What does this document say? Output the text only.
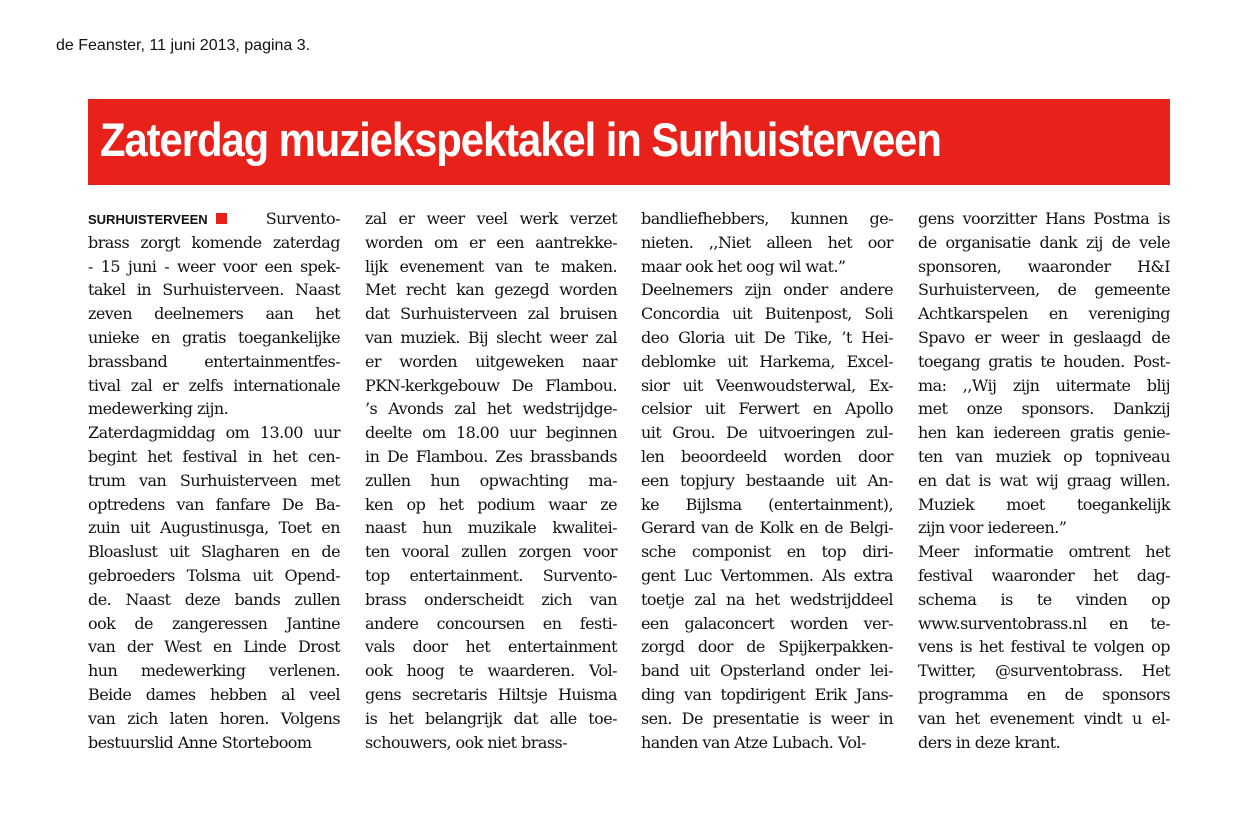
de Feanster, 11 juni 2013, pagina 3.
Zaterdag muziekspektakel in Surhuisterveen
SURHUISTERVEEN	Survento-
brass zorgt komende zaterdag
- 15 juni - weer voor een spek-
takel in Surhuisterveen. Naast
zeven deelnemers aan het
unieke en gratis toegankelijke
brassband entertainmentfes-
tival zal er zelfs internationale
medewerking zijn.
Zaterdagmiddag om 13.00 uur
begint het festival in het cen-
trum van Surhuisterveen met
optredens van fanfare De Ba-
zuin uit Augustinusga, Toet en
Bloaslust uit Slagharen en de
gebroeders Tolsma uit Opend-
de. Naast deze bands zullen
ook de zangeressen Jantine
van der West en Linde Drost
hun medewerking verlenen.
Beide dames hebben al veel
van zich laten horen. Volgens
bestuurslid Anne Storteboom
zal er weer veel werk verzet
worden om er een aantrekke-
lijk evenement van te maken.
Met recht kan gezegd worden
dat Surhuisterveen zal bruisen
van muziek. Bij slecht weer zal
er worden uitgeweken naar
PKN-kerkgebouw De Flambou.
’s Avonds zal het wedstrijdge-
deelte om 18.00 uur beginnen
in De Flambou. Zes brassbands
zullen hun opwachting ma-
ken op het podium waar ze
naast hun muzikale kwalitei-
ten vooral zullen zorgen voor
top entertainment. Survento-
brass onderscheidt zich van
andere concoursen en festi-
vals door het entertainment
ook hoog te waarderen. Vol-
gens secretaris Hiltsje Huisma
is het belangrijk dat alle toe-
schouwers, ook niet brass-
bandliefhebbers, kunnen ge-
nieten. ,,Niet alleen het oor
maar ook het oog wil wat.”
Deelnemers zijn onder andere
Concordia uit Buitenpost, Soli
deo Gloria uit De Tike, ’t Hei-
deblomke uit Harkema, Excel-
sior uit Veenwoudsterwal, Ex-
celsior uit Ferwert en Apollo
uit Grou. De uitvoeringen zul-
len beoordeeld worden door
een topjury bestaande uit An-
ke Bijlsma (entertainment),
Gerard van de Kolk en de Belgi-
sche componist en top diri-
gent Luc Vertommen. Als extra
toetje zal na het wedstrijddeel
een galaconcert worden ver-
zorgd door de Spijkerpakken-
band uit Opsterland onder lei-
ding van topdirigent Erik Jans-
sen. De presentatie is weer in
handen van Atze Lubach. Vol-
gens voorzitter Hans Postma is
de organisatie dank zij de vele
sponsoren, waaronder H&I
Surhuisterveen, de gemeente
Achtkarspelen en vereniging
Spavo er weer in geslaagd de
toegang gratis te houden. Post-
ma: ,,Wij zijn uitermate blij
met onze sponsors. Dankzij
hen kan iedereen gratis genie-
ten van muziek op topniveau
en dat is wat wij graag willen.
Muziek moet toegankelijk
zijn voor iedereen.”
Meer informatie omtrent het
festival waaronder het dag-
schema is te vinden op
www.surventobrass.nl en te-
vens is het festival te volgen op
Twitter, @surventobrass. Het
programma en de sponsors
van het evenement vindt u el-
ders in deze krant.
